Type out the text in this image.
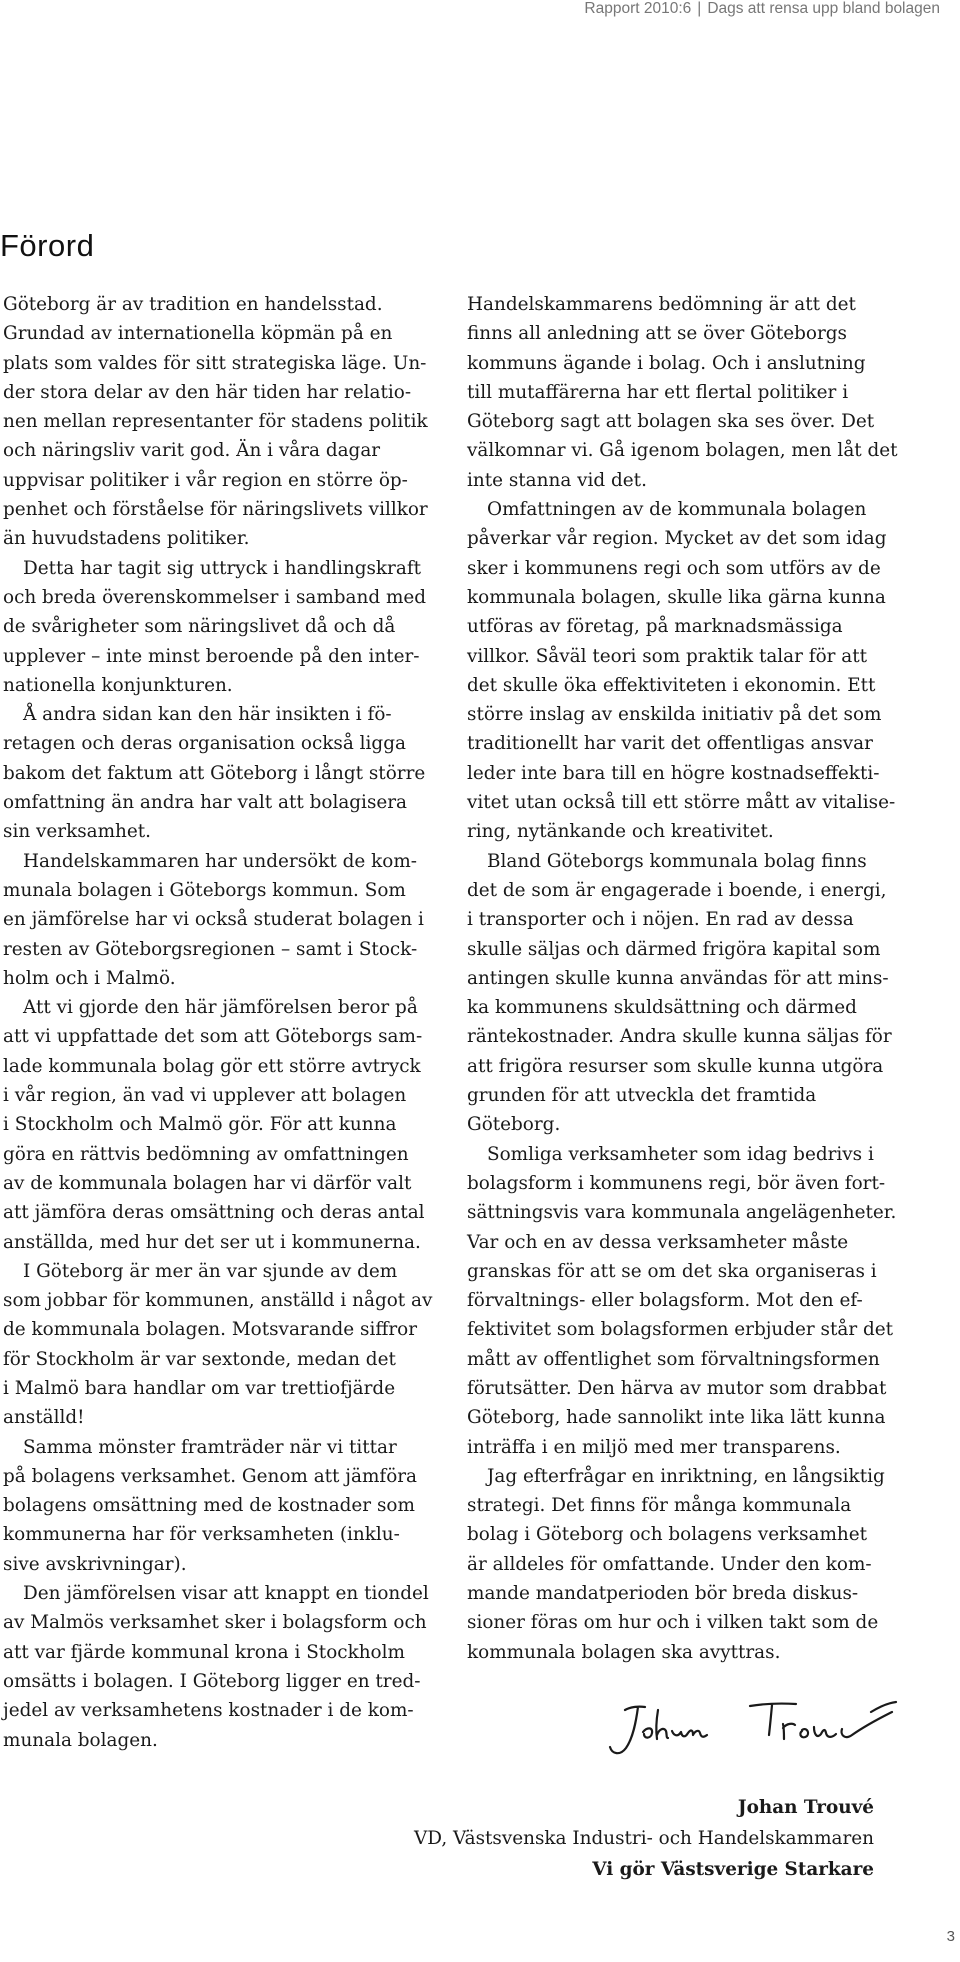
Rapport 2010:6 | Dags att rensa upp bland bolagen
Förord

Göteborg är av tradition en handelsstad.
Grundad av internationella köpmän på en
plats som valdes för sitt strategiska läge. Un-
der stora delar av den här tiden har relatio-
nen mellan representanter för stadens politik
och näringsliv varit god. Än i våra dagar
uppvisar politiker i vår region en större öp-
penhet och förståelse för näringslivets villkor
än huvudstadens politiker.

Detta har tagit sig uttryck i handlingskraft
och breda överenskommelser i samband med
de svårigheter som näringslivet då och då
upplever – inte minst beroende på den inter-
nationella konjunkturen.

Å andra sidan kan den här insikten i fö-
retagen och deras organisation också ligga
bakom det faktum att Göteborg i långt större
omfattning än andra har valt att bolagisera
sin verksamhet.

Handelskammaren har undersökt de kom-
munala bolagen i Göteborgs kommun. Som
en jämförelse har vi också studerat bolagen i
resten av Göteborgsregionen – samt i Stock-
holm och i Malmö.

Att vi gjorde den här jämförelsen beror på
att vi uppfattade det som att Göteborgs sam-
lade kommunala bolag gör ett större avtryck
i vår region, än vad vi upplever att bolagen
i Stockholm och Malmö gör. För att kunna
göra en rättvis bedömning av omfattningen
av de kommunala bolagen har vi därför valt
att jämföra deras omsättning och deras antal
anställda, med hur det ser ut i kommunerna.

I Göteborg är mer än var sjunde av dem
som jobbar för kommunen, anställd i något av
de kommunala bolagen. Motsvarande siffror
för Stockholm är var sextonde, medan det
i Malmö bara handlar om var trettiofjärde
anställd!

Samma mönster framträder när vi tittar
på bolagens verksamhet. Genom att jämföra
bolagens omsättning med de kostnader som
kommunerna har för verksamheten (inklu-
sive avskrivningar).

Den jämförelsen visar att knappt en tiondel
av Malmös verksamhet sker i bolagsform och
att var fjärde kommunal krona i Stockholm
omsätts i bolagen. I Göteborg ligger en tred-
jedel av verksamhetens kostnader i de kom-
munala bolagen.

Handelskammarens bedömning är att det
finns all anledning att se över Göteborgs
kommuns ägande i bolag. Och i anslutning
till mutaffärerna har ett flertal politiker i
Göteborg sagt att bolagen ska ses över. Det
välkomnar vi. Gå igenom bolagen, men låt det
inte stanna vid det.

Omfattningen av de kommunala bolagen
påverkar vår region. Mycket av det som idag
sker i kommunens regi och som utförs av de
kommunala bolagen, skulle lika gärna kunna
utföras av företag, på marknadsmässiga
villkor. Såväl teori som praktik talar för att
det skulle öka effektiviteten i ekonomin. Ett
större inslag av enskilda initiativ på det som
traditionellt har varit det offentligas ansvar
leder inte bara till en högre kostnadseffekti-
vitet utan också till ett större mått av vitalise-
ring, nytänkande och kreativitet.

Bland Göteborgs kommunala bolag finns
det de som är engagerade i boende, i energi,
i transporter och i nöjen. En rad av dessa
skulle säljas och därmed frigöra kapital som
antingen skulle kunna användas för att mins-
ka kommunens skuldsättning och därmed
räntekostnader. Andra skulle kunna säljas för
att frigöra resurser som skulle kunna utgöra
grunden för att utveckla det framtida Göteborg.

Somliga verksamheter som idag bedrivs i
bolagsform i kommunens regi, bör även fort-
sättningsvis vara kommunala angelägenheter.
Var och en av dessa verksamheter måste
granskas för att se om det ska organiseras i
förvaltnings- eller bolagsform. Mot den ef-
fektivitet som bolagsformen erbjuder står det
mått av offentlighet som förvaltningsformen
förutsätter. Den härva av mutor som drabbat
Göteborg, hade sannolikt inte lika lätt kunna
inträffa i en miljö med mer transparens.

Jag efterfrågar en inriktning, en långsiktig
strategi. Det finns för många kommunala
bolag i Göteborg och bolagens verksamhet
är alldeles för omfattande. Under den kom-
mande mandatperioden bör breda diskus-
sioner föras om hur och i vilken takt som de
kommunala bolagen ska avyttras.

Johan Trouvé
VD, Västsvenska Industri- och Handelskammaren
Vi gör Västsverige Starkare
3
